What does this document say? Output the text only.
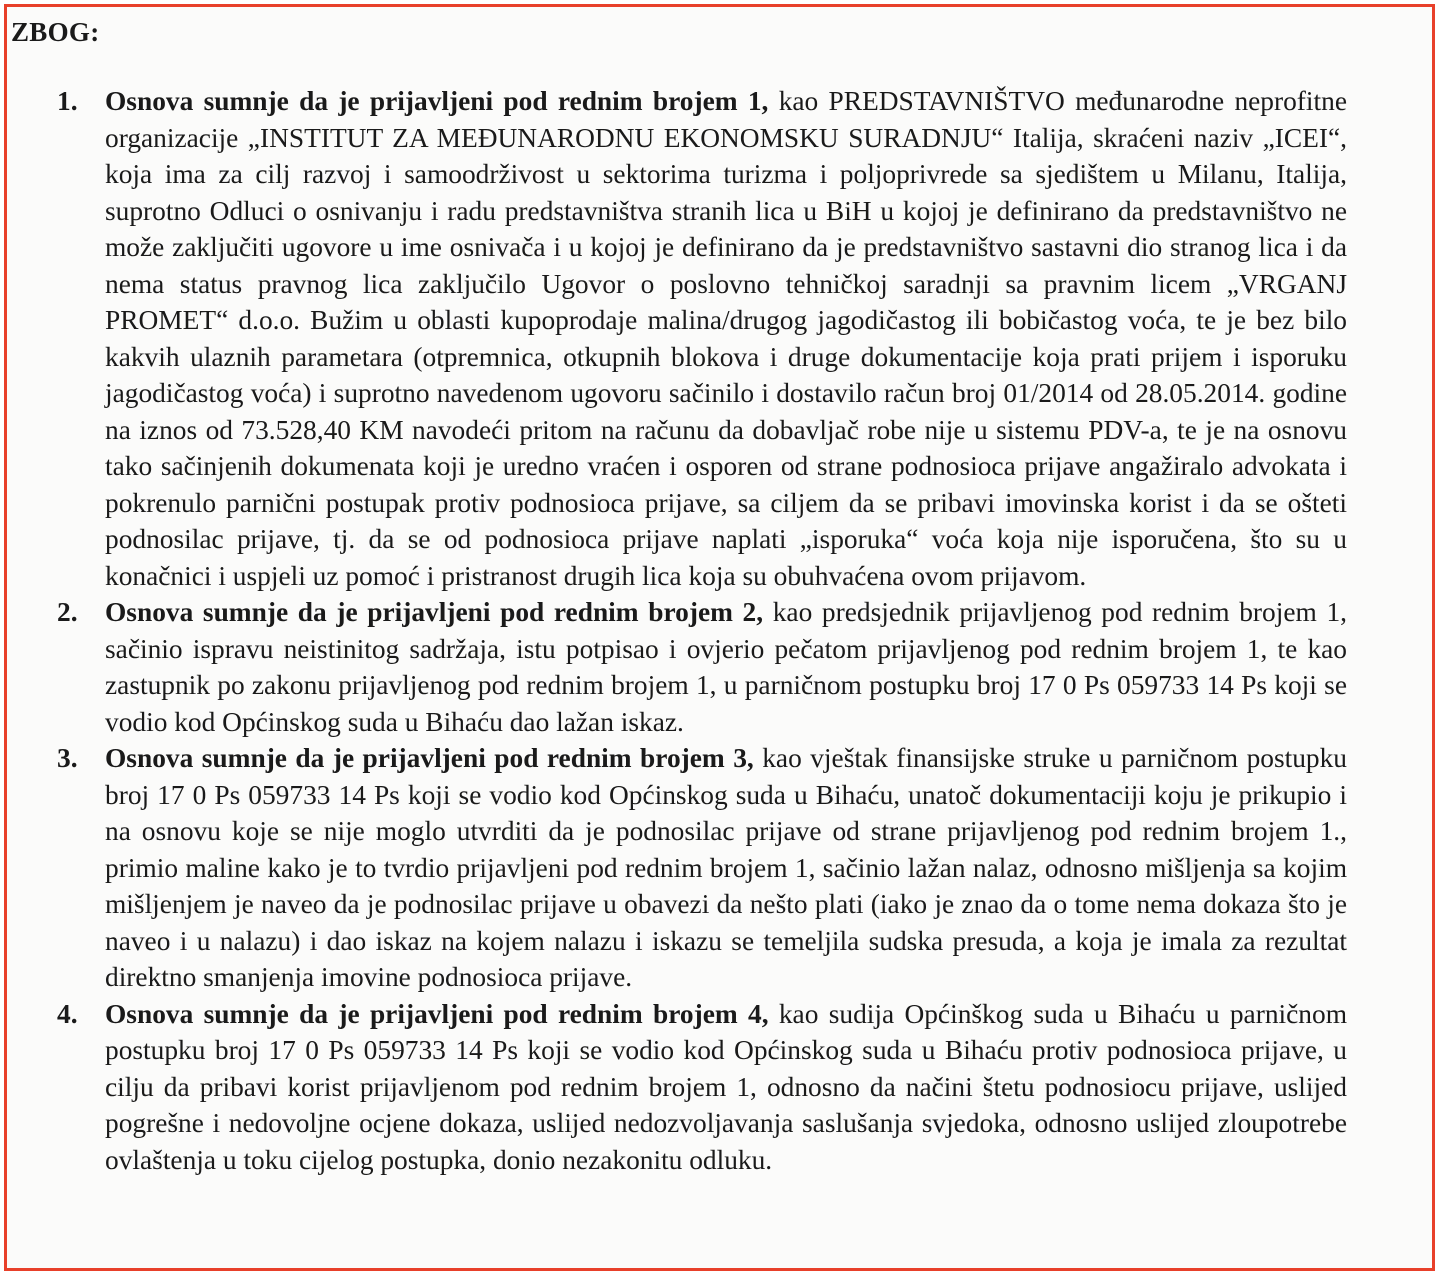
ZBOG:
1. Osnova sumnje da je prijavljeni pod rednim brojem 1, kao PREDSTAVNIŠTVO međunarodne neprofitne organizacije „INSTITUT ZA MEĐUNARODNU EKONOMSKU SURADNJU“ Italija, skraćeni naziv „ICEI“, koja ima za cilj razvoj i samoodrživost u sektorima turizma i poljoprivrede sa sjedištem u Milanu, Italija, suprotno Odluci o osnivanju i radu predstavništva stranih lica u BiH u kojoj je definirano da predstavništvo ne može zaključiti ugovore u ime osnivača i u kojoj je definirano da je predstavništvo sastavni dio stranog lica i da nema status pravnog lica zaključilo Ugovor o poslovno tehničkoj saradnji sa pravnim licem „VRGANJ PROMET“ d.o.o. Bužim u oblasti kupoprodaje malina/drugog jagodičastog ili bobičastog voća, te je bez bilo kakvih ulaznih parametara (otpremnica, otkupnih blokova i druge dokumentacije koja prati prijem i isporuku jagodičastog voća) i suprotno navedenom ugovoru sačinilo i dostavilo račun broj 01/2014 od 28.05.2014. godine na iznos od 73.528,40 KM navodeći pritom na računu da dobavljač robe nije u sistemu PDV-a, te je na osnovu tako sačinjenih dokumenata koji je uredno vraćen i osporen od strane podnosioca prijave angažiralo advokata i pokrenulo parnični postupak protiv podnosioca prijave, sa ciljem da se pribavi imovinska korist i da se ošteti podnosilac prijave, tj. da se od podnosioca prijave naplati „isporuka“ voća koja nije isporučena, što su u konačnici i uspjeli uz pomoć i pristranost drugih lica koja su obuhvaćena ovom prijavom.
2. Osnova sumnje da je prijavljeni pod rednim brojem 2, kao predsjednik prijavljenog pod rednim brojem 1, sačinio ispravu neistinitog sadržaja, istu potpisao i ovjerio pečatom prijavljenog pod rednim brojem 1, te kao zastupnik po zakonu prijavljenog pod rednim brojem 1, u parničnom postupku broj 17 0 Ps 059733 14 Ps koji se vodio kod Općinskog suda u Bihaću dao lažan iskaz.
3. Osnova sumnje da je prijavljeni pod rednim brojem 3, kao vještak finansijske struke u parničnom postupku broj 17 0 Ps 059733 14 Ps koji se vodio kod Općinskog suda u Bihaću, unatoč dokumentaciji koju je prikupio i na osnovu koje se nije moglo utvrditi da je podnosilac prijave od strane prijavljenog pod rednim brojem 1., primio maline kako je to tvrdio prijavljeni pod rednim brojem 1, sačinio lažan nalaz, odnosno mišljenja sa kojim mišljenjem je naveo da je podnosilac prijave u obavezi da nešto plati (iako je znao da o tome nema dokaza što je naveo i u nalazu) i dao iskaz na kojem nalazu i iskazu se temeljila sudska presuda, a koja je imala za rezultat direktno smanjenja imovine podnosioca prijave.
4. Osnova sumnje da je prijavljeni pod rednim brojem 4, kao sudija Općinškog suda u Bihaću u parničnom postupku broj 17 0 Ps 059733 14 Ps koji se vodio kod Općinskog suda u Bihaću protiv podnosioca prijave, u cilju da pribavi korist prijavljenom pod rednim brojem 1, odnosno da načini štetu podnosiocu prijave, uslijed pogrešne i nedovoljne ocjene dokaza, uslijed nedozvoljavanja saslušanja svjedoka, odnosno uslijed zloupotrebe ovlaštenja u toku cijelog postupka, donio nezakonitu odluku.
